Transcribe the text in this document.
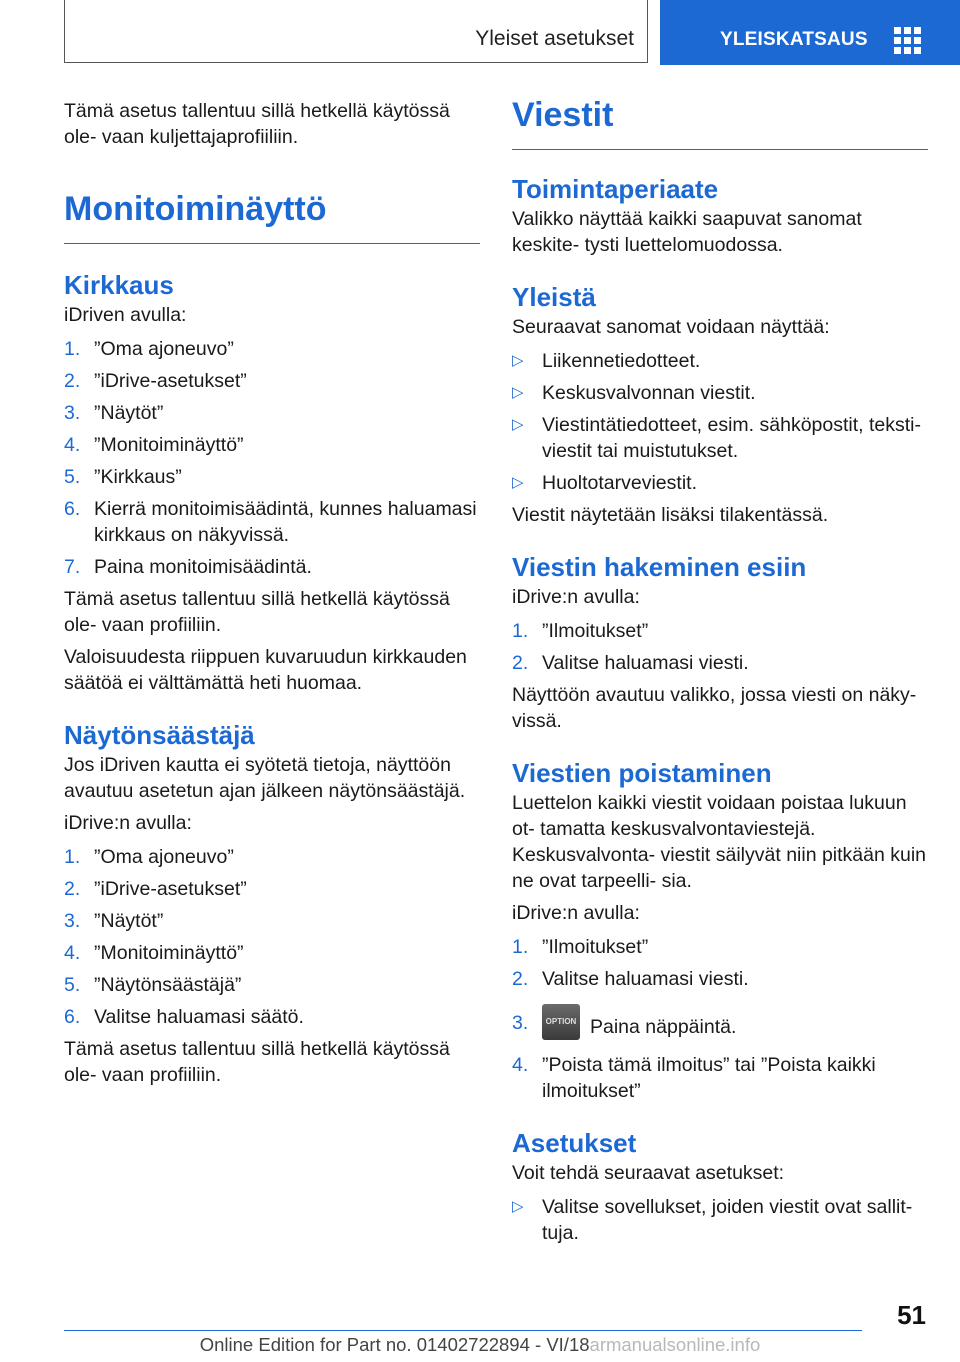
Yleiset asetukset	YLEISKATSAUS

Tämä asetus tallentuu sillä hetkellä käytössä ole‐ vaan kuljettajaprofiiliin.

Monitoiminäyttö
Kirkkaus

iDriven avulla:

1. ”Oma ajoneuvo”
2. ”iDrive-asetukset”
3. ”Näytöt”
4. ”Monitoiminäyttö”
5. ”Kirkkaus”
6. Kierrä monitoimisäädintä, kunnes haluamasi kirkkaus on näkyvissä.
7. Paina monitoimisäädintä.

Tämä asetus tallentuu sillä hetkellä käytössä ole‐ vaan profiiliin.

Valoisuudesta riippuen kuvaruudun kirkkauden säätöä ei välttämättä heti huomaa.

Näytönsäästäjä

Jos iDriven kautta ei syötetä tietoja, näyttöön avautuu asetetun ajan jälkeen näytönsäästäjä.

iDrive:n avulla:

1. ”Oma ajoneuvo”
2. ”iDrive-asetukset”
3. ”Näytöt”
4. ”Monitoiminäyttö”
5. ”Näytönsäästäjä”
6. Valitse haluamasi säätö.

Tämä asetus tallentuu sillä hetkellä käytössä ole‐ vaan profiiliin.

Viestit
Toimintaperiaate

Valikko näyttää kaikki saapuvat sanomat keskite‐ tysti luettelomuodossa.

Yleistä

Seuraavat sanomat voidaan näyttää:

▷ Liikennetiedotteet.
▷ Keskusvalvonnan viestit.
▷ Viestintätiedotteet, esim. sähköpostit, teksti‐ viestit tai muistutukset.
▷ Huoltotarveviestit.

Viestit näytetään lisäksi tilakentässä.

Viestin hakeminen esiin

iDrive:n avulla:

1. ”Ilmoitukset”
2. Valitse haluamasi viesti.

Näyttöön avautuu valikko, jossa viesti on näky‐ vissä.

Viestien poistaminen

Luettelon kaikki viestit voidaan poistaa lukuun ot‐ tamatta keskusvalvontaviestejä. Keskusvalvonta‐ viestit säilyvät niin pitkään kuin ne ovat tarpeelli‐ sia.

iDrive:n avulla:

1. ”Ilmoitukset”
2. Valitse haluamasi viesti.
3. OPTION Paina näppäintä.
4. ”Poista tämä ilmoitus” tai ”Poista kaikki ilmoitukset”
Asetukset

Voit tehdä seuraavat asetukset:

▷ Valitse sovellukset, joiden viestit ovat sallit‐ tuja.
51
Online Edition for Part no. 01402722894 - VI/18armanualsonline.info
